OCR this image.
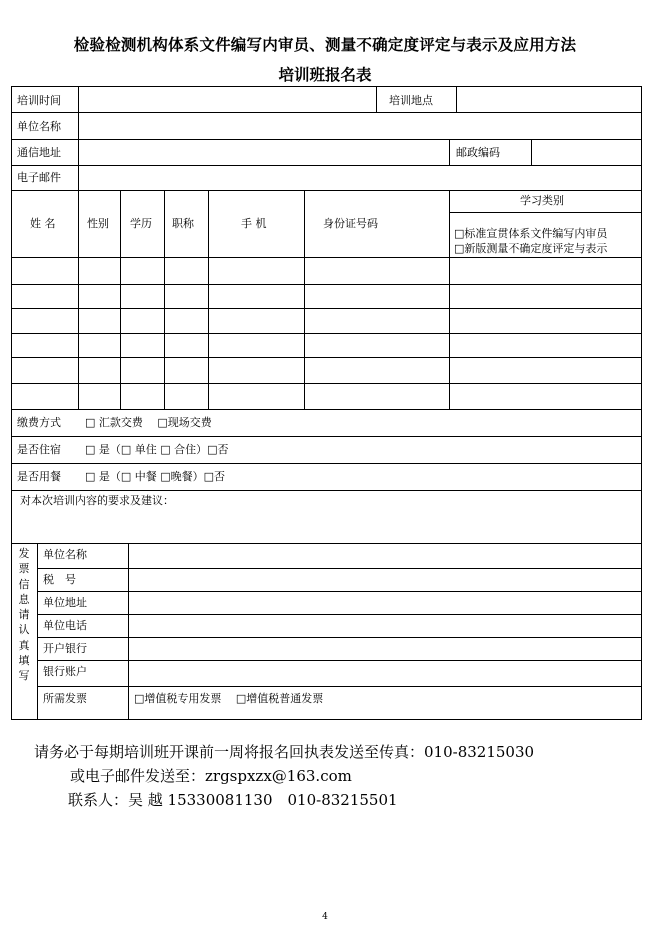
检验检测机构体系文件编写内审员、测量不确定度评定与表示及应用方法
培训班报名表
培训时间	培训地点
单位名称
通信地址	邮政编码
电子邮件
姓 名	性别 学历 职称	手 机	身份证号码
学习类别
□标准宣贯体系文件编写内审员
□新版测量不确定度评定与表示
缴费方式 □ 汇款交费 　□现场交费
是否住宿 □ 是（□ 单住 □ 合住）□否
是否用餐 □ 是（□ 中餐 □晚餐）□否
对本次培训内容的要求及建议：
发
票
信
息
请
认
真
填
写
单位名称
税　号
单位地址
单位电话
开户银行
银行账户
所需发票	□增值税专用发票 　□增值税普通发票
请务必于每期培训班开课前一周将报名回执表发送至传真：010-83215030
或电子邮件发送至：zrgspxzx@163.com
联系人：吴 越 15330081130　010-83215501
4
